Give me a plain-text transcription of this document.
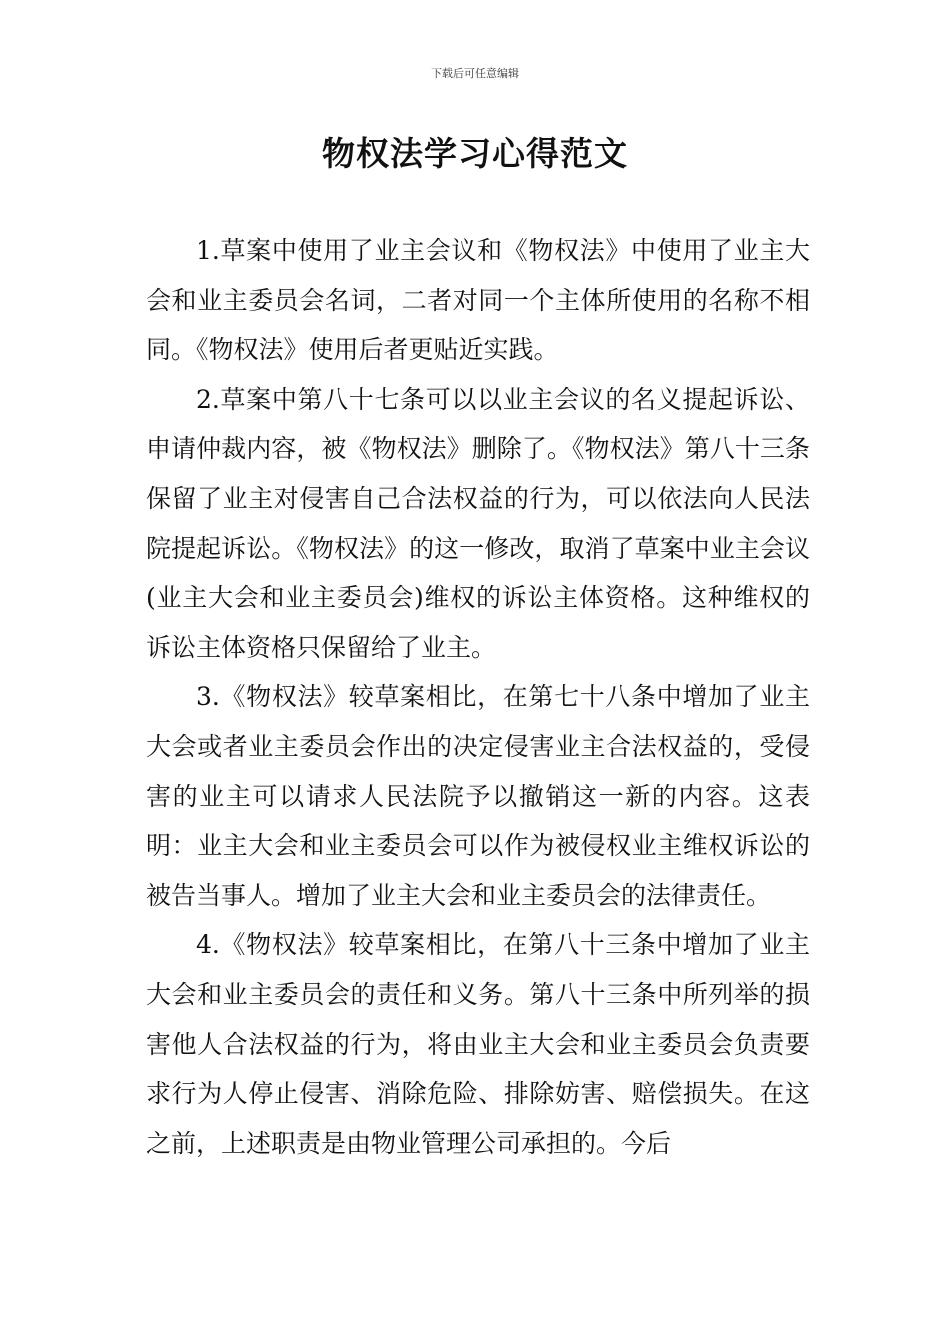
下载后可任意编辑
物权法学习心得范文

1.草案中使用了业主会议和《物权法》中使用了业主大会和业主委员会名词，二者对同一个主体所使用的名称不相同。《物权法》使用后者更贴近实践。

2.草案中第八十七条可以以业主会议的名义提起诉讼、申请仲裁内容，被《物权法》删除了。《物权法》第八十三条保留了业主对侵害自己合法权益的行为，可以依法向人民法院提起诉讼。《物权法》的这一修改，取消了草案中业主会议(业主大会和业主委员会)维权的诉讼主体资格。这种维权的诉讼主体资格只保留给了业主。

3.《物权法》较草案相比，在第七十八条中增加了业主大会或者业主委员会作出的决定侵害业主合法权益的，受侵害的业主可以请求人民法院予以撤销这一新的内容。这表明：业主大会和业主委员会可以作为被侵权业主维权诉讼的被告当事人。增加了业主大会和业主委员会的法律责任。

4.《物权法》较草案相比，在第八十三条中增加了业主大会和业主委员会的责任和义务。第八十三条中所列举的损害他人合法权益的行为，将由业主大会和业主委员会负责要求行为人停止侵害、消除危险、排除妨害、赔偿损失。在这之前，上述职责是由物业管理公司承担的。今后
